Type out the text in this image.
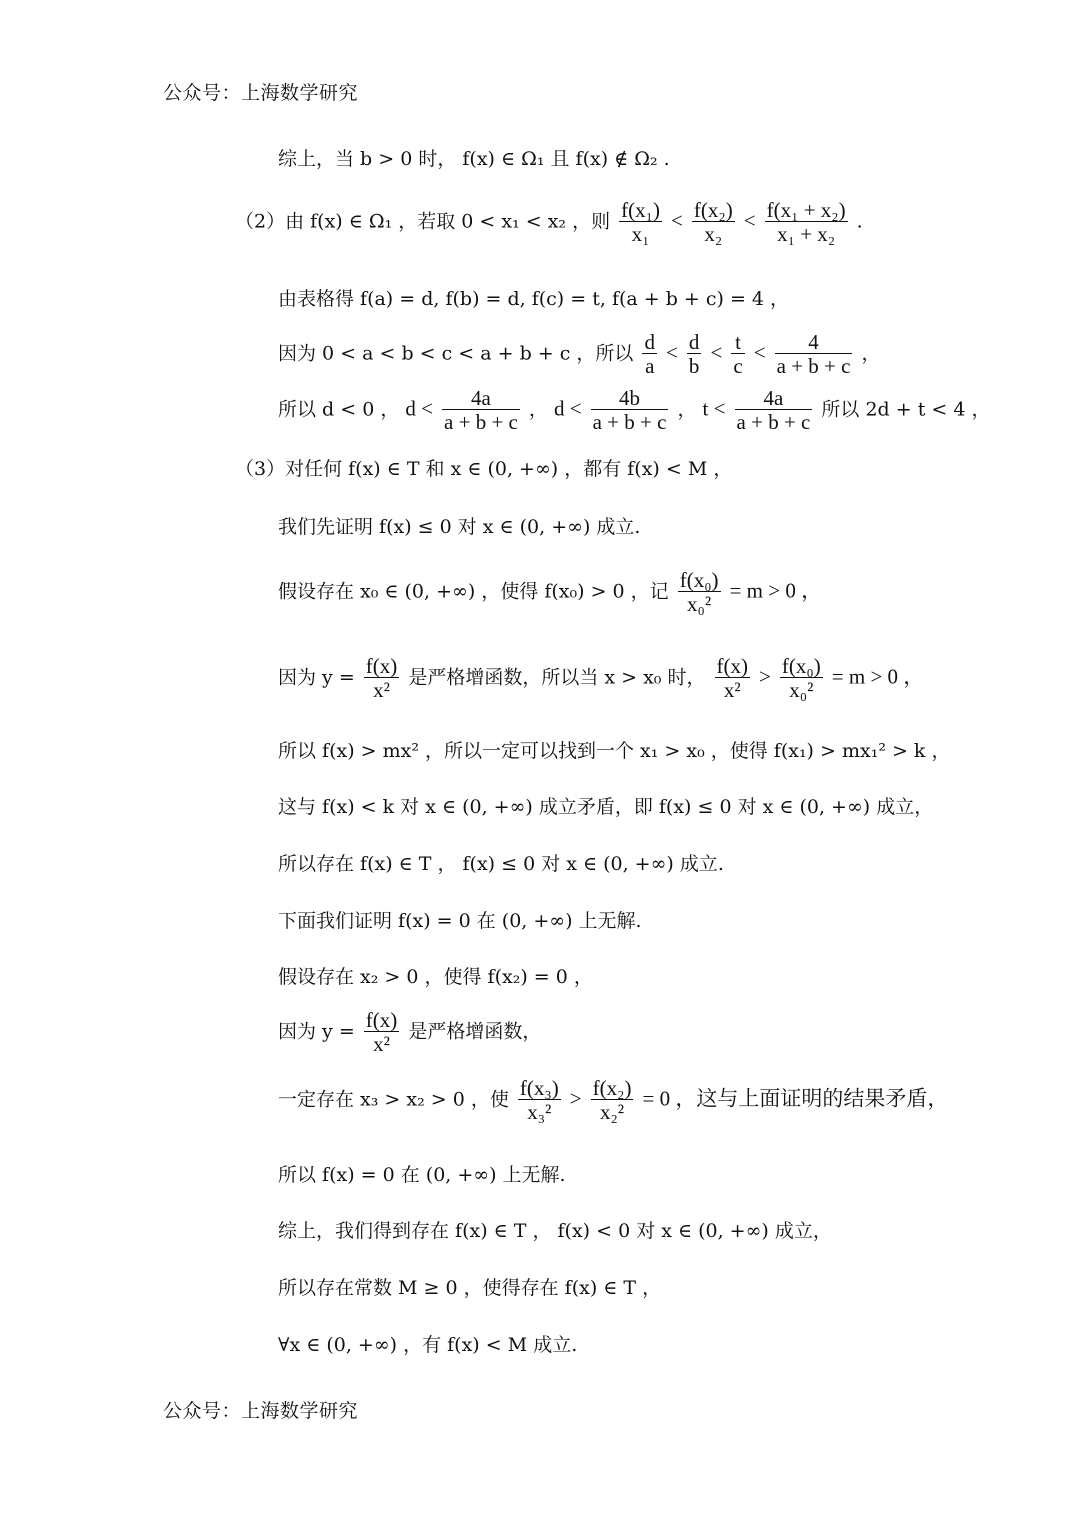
公众号：上海数学研究
综上，当 b > 0 时， f(x) ∈ Ω₁ 且 f(x) ∉ Ω₂ .
（2）由 f(x) ∈ Ω₁ ，若取 0 < x₁ < x₂ ，则 $\frac{\text{f(x₁)}}{\text{x₁}} < \frac{\text{f(x₂)}}{\text{x₂}} < \frac{\text{f(x₁ + x₂)}}{\text{x₁ + x₂}}$ .
由表格得 f(a) = d, f(b) = d, f(c) = t, f(a + b + c) = 4 ，
因为 0 < a < b < c < a + b + c ，所以 $\frac{d}{a} < \frac{d}{b} < \frac{t}{c} < \frac{4}{a + b + c}$ ，
所以 d < 0 ， $d < \frac{4a}{a + b + c}$ ， $d < \frac{4b}{a + b + c}$ ， $t < \frac{4a}{a + b + c}$ 所以 2d + t < 4 ，
（3）对任何 f(x) ∈ T 和 x ∈ (0, +∞) ，都有 f(x) < M ，
我们先证明 f(x) ≤ 0 对 x ∈ (0, +∞) 成立.
假设存在 x₀ ∈ (0, +∞) ，使得 f(x₀) > 0 ，记 $\frac{\text{f(x₀)}}{\text{x₀²}} = m > 0$ ，
因为 $y = \frac{f(x)}{\text{x²}}$ 是严格增函数，所以当 x > x₀ 时， $\frac{f(x)}{\text{x²}} > \frac{\text{f(x₀)}}{\text{x₀²}} = m > 0$ ，
所以 f(x) > mx² ，所以一定可以找到一个 x₁ > x₀ ，使得 f(x₁) > mx₁² > k ，
这与 f(x) < k 对 x ∈ (0, +∞) 成立矛盾，即 f(x) ≤ 0 对 x ∈ (0, +∞) 成立，
所以存在 f(x) ∈ T ， f(x) ≤ 0 对 x ∈ (0, +∞) 成立.
下面我们证明 f(x) = 0 在 (0, +∞) 上无解.
假设存在 x₂ > 0 ，使得 f(x₂) = 0 ，
因为 $y = \frac{f(x)}{\text{x²}}$ 是严格增函数，
一定存在 x₃ > x₂ > 0 ，使 $\frac{\text{f(x₃)}}{\text{x₃²}} > \frac{\text{f(x₂)}}{\text{x₂²}} = 0$ ，这与上面证明的结果矛盾，
所以 f(x) = 0 在 (0, +∞) 上无解.
综上，我们得到存在 f(x) ∈ T ， f(x) < 0 对 x ∈ (0, +∞) 成立，
所以存在常数 M ≥ 0 ，使得存在 f(x) ∈ T ，
∀x ∈ (0, +∞) ，有 f(x) < M 成立.
公众号：上海数学研究
